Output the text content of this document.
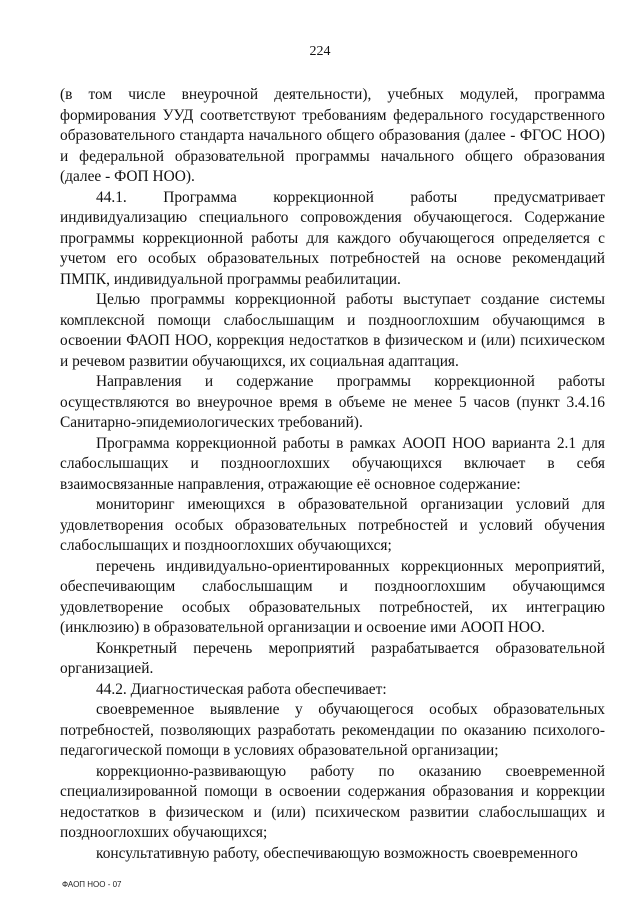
224

(в том числе внеурочной деятельности), учебных модулей, программа формирования УУД соответствуют требованиям федерального государственного образовательного стандарта начального общего образования (далее - ФГОС НОО) и федеральной образовательной программы начального общего образования (далее - ФОП НОО).

44.1. Программа коррекционной работы предусматривает индивидуализацию специального сопровождения обучающегося. Содержание программы коррекционной работы для каждого обучающегося определяется с учетом его особых образовательных потребностей на основе рекомендаций ПМПК, индивидуальной программы реабилитации.

Целью программы коррекционной работы выступает создание системы комплексной помощи слабослышащим и позднооглохшим обучающимся в освоении ФАОП НОО, коррекция недостатков в физическом и (или) психическом и речевом развитии обучающихся, их социальная адаптация.

Направления и содержание программы коррекционной работы осуществляются во внеурочное время в объеме не менее 5 часов (пункт 3.4.16 Санитарно-эпидемиологических требований).

Программа коррекционной работы в рамках АООП НОО варианта 2.1 для слабослышащих и позднооглохших обучающихся включает в себя взаимосвязанные направления, отражающие её основное содержание:

мониторинг имеющихся в образовательной организации условий для удовлетворения особых образовательных потребностей и условий обучения слабослышащих и позднооглохших обучающихся;

перечень индивидуально-ориентированных коррекционных мероприятий, обеспечивающим слабослышащим и позднооглохшим обучающимся удовлетворение особых образовательных потребностей, их интеграцию (инклюзию) в образовательной организации и освоение ими АООП НОО.

Конкретный перечень мероприятий разрабатывается образовательной организацией.

44.2. Диагностическая работа обеспечивает:

своевременное выявление у обучающегося особых образовательных потребностей, позволяющих разработать рекомендации по оказанию психолого-педагогической помощи в условиях образовательной организации;

коррекционно-развивающую работу по оказанию своевременной специализированной помощи в освоении содержания образования и коррекции недостатков в физическом и (или) психическом развитии слабослышащих и позднооглохших обучающихся;

консультативную работу, обеспечивающую возможность своевременного

ФАОП НОО - 07
